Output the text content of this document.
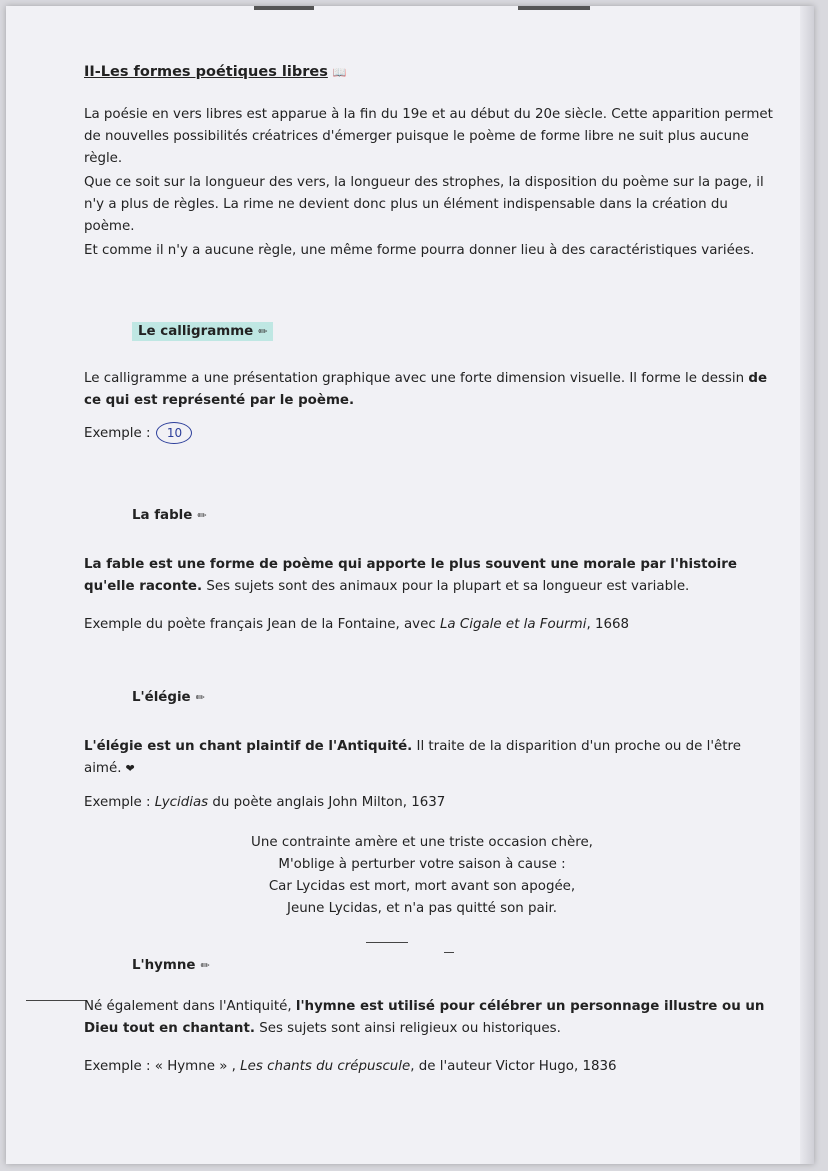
II-Les formes poétiques libres 📖

La poésie en vers libres est apparue à la fin du 19e et au début du 20e siècle. Cette apparition permet de nouvelles possibilités créatrices d'émerger puisque le poème de forme libre ne suit plus aucune règle.

Que ce soit sur la longueur des vers, la longueur des strophes, la disposition du poème sur la page, il n'y a plus de règles. La rime ne devient donc plus un élément indispensable dans la création du poème.

Et comme il n'y a aucune règle, une même forme pourra donner lieu à des caractéristiques variées.

Le calligramme ✏

Le calligramme a une présentation graphique avec une forte dimension visuelle. Il forme le dessin de ce qui est représenté par le poème.

Exemple : 10

La fable ✏

La fable est une forme de poème qui apporte le plus souvent une morale par l'histoire qu'elle raconte. Ses sujets sont des animaux pour la plupart et sa longueur est variable.

Exemple du poète français Jean de la Fontaine, avec La Cigale et la Fourmi, 1668

L'élégie ✏

L'élégie est un chant plaintif de l'Antiquité. Il traite de la disparition d'un proche ou de l'être aimé. ❤

Exemple : Lycidias du poète anglais John Milton, 1637

Une contrainte amère et une triste occasion chère,
M'oblige à perturber votre saison à cause :
Car Lycidas est mort, mort avant son apogée,
Jeune Lycidas, et n'a pas quitté son pair.
L'hymne ✏

Né également dans l'Antiquité, l'hymne est utilisé pour célébrer un personnage illustre ou un Dieu tout en chantant. Ses sujets sont ainsi religieux ou historiques.

Exemple : « Hymne » , Les chants du crépuscule, de l'auteur Victor Hugo, 1836
